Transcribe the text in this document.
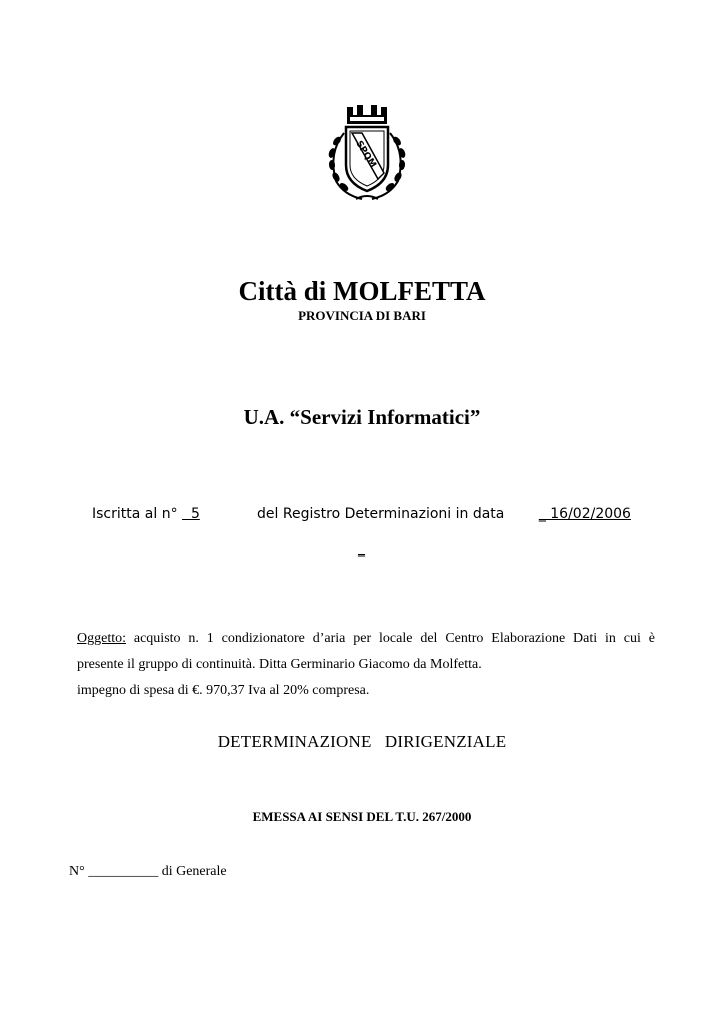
SPQM
Città di MOLFETTA
PROVINCIA DI BARI
U.A. “Servizi Informatici”
Iscritta al n° 5	del Registro Determinazioni in data _ 16/02/2006
_
Oggetto: acquisto n. 1 condizionatore d’aria per locale del Centro Elaborazione Dati in cui è
presente il gruppo di continuità. Ditta Germinario Giacomo da Molfetta.
impegno di spesa di €. 970,37 Iva al 20% compresa.
DETERMINAZIONE   DIRIGENZIALE
EMESSA AI SENSI DEL T.U. 267/2000
N° __________ di Generale
